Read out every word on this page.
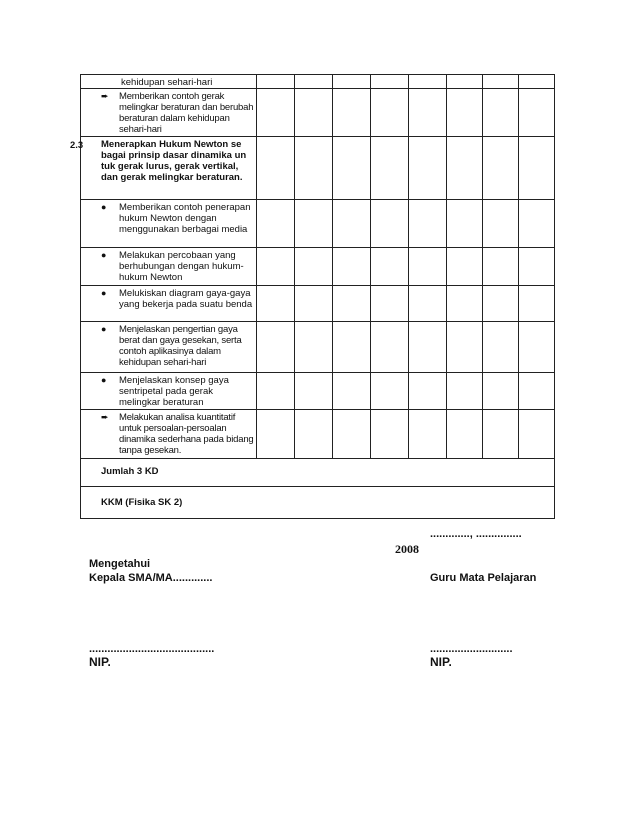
kehidupan sehari-hari								

➨ Memberikan contoh gerak melingkar beraturan dan berubah beraturan dalam kehidupan sehari-hari								

2.3 Menerapkan Hukum Newton se bagai prinsip dasar dinamika un tuk gerak lurus, gerak vertikal, dan gerak melingkar beraturan.								

● Memberikan contoh penerapan hukum Newton dengan menggunakan berbagai media								

● Melakukan percobaan yang berhubungan dengan hukum-hukum Newton								

● Melukiskan diagram gaya-gaya yang bekerja pada suatu benda								

● Menjelaskan pengertian gaya berat dan gaya gesekan, serta contoh aplikasinya dalam kehidupan sehari-hari								

● Menjelaskan konsep gaya sentripetal pada gerak melingkar beraturan								

➨ Melakukan analisa kuantitatif untuk persoalan-persoalan dinamika sederhana pada bidang tanpa gesekan.								
Jumlah 3 KD								
KKM (Fisika SK 2)								
............., ...............
2008
Mengetahui
Kepala SMA/MA.............	Guru Mata Pelajaran
.........................................	...........................
NIP.	NIP.
